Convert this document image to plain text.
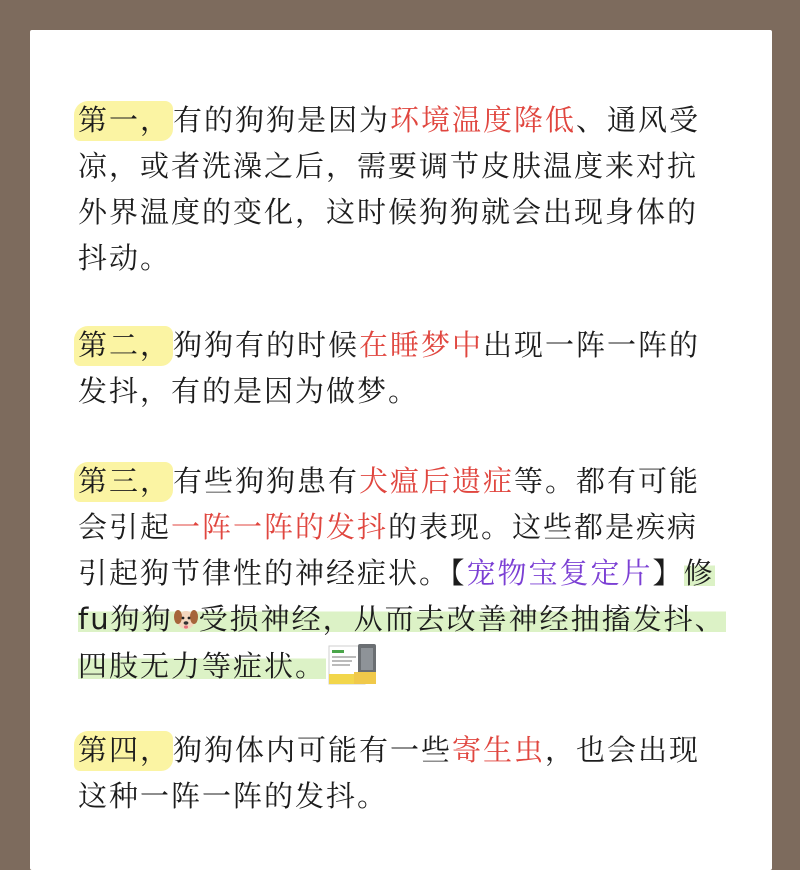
第一，有的狗狗是因为环境温度降低、通风受凉，或者洗澡之后，需要调节皮肤温度来对抗外界温度的变化，这时候狗狗就会出现身体的抖动。
第二，狗狗有的时候在睡梦中出现一阵一阵的发抖，有的是因为做梦。
第三，有些狗狗患有犬瘟后遗症等。都有可能会引起一阵一阵的发抖的表现。这些都是疾病引起狗节律性的神经症状。【宠物宝复定片】修fu狗狗 受损神经，从而去改善神经抽搐发抖、四肢无力等症状。
第四，狗狗体内可能有一些寄生虫，也会出现这种一阵一阵的发抖。
